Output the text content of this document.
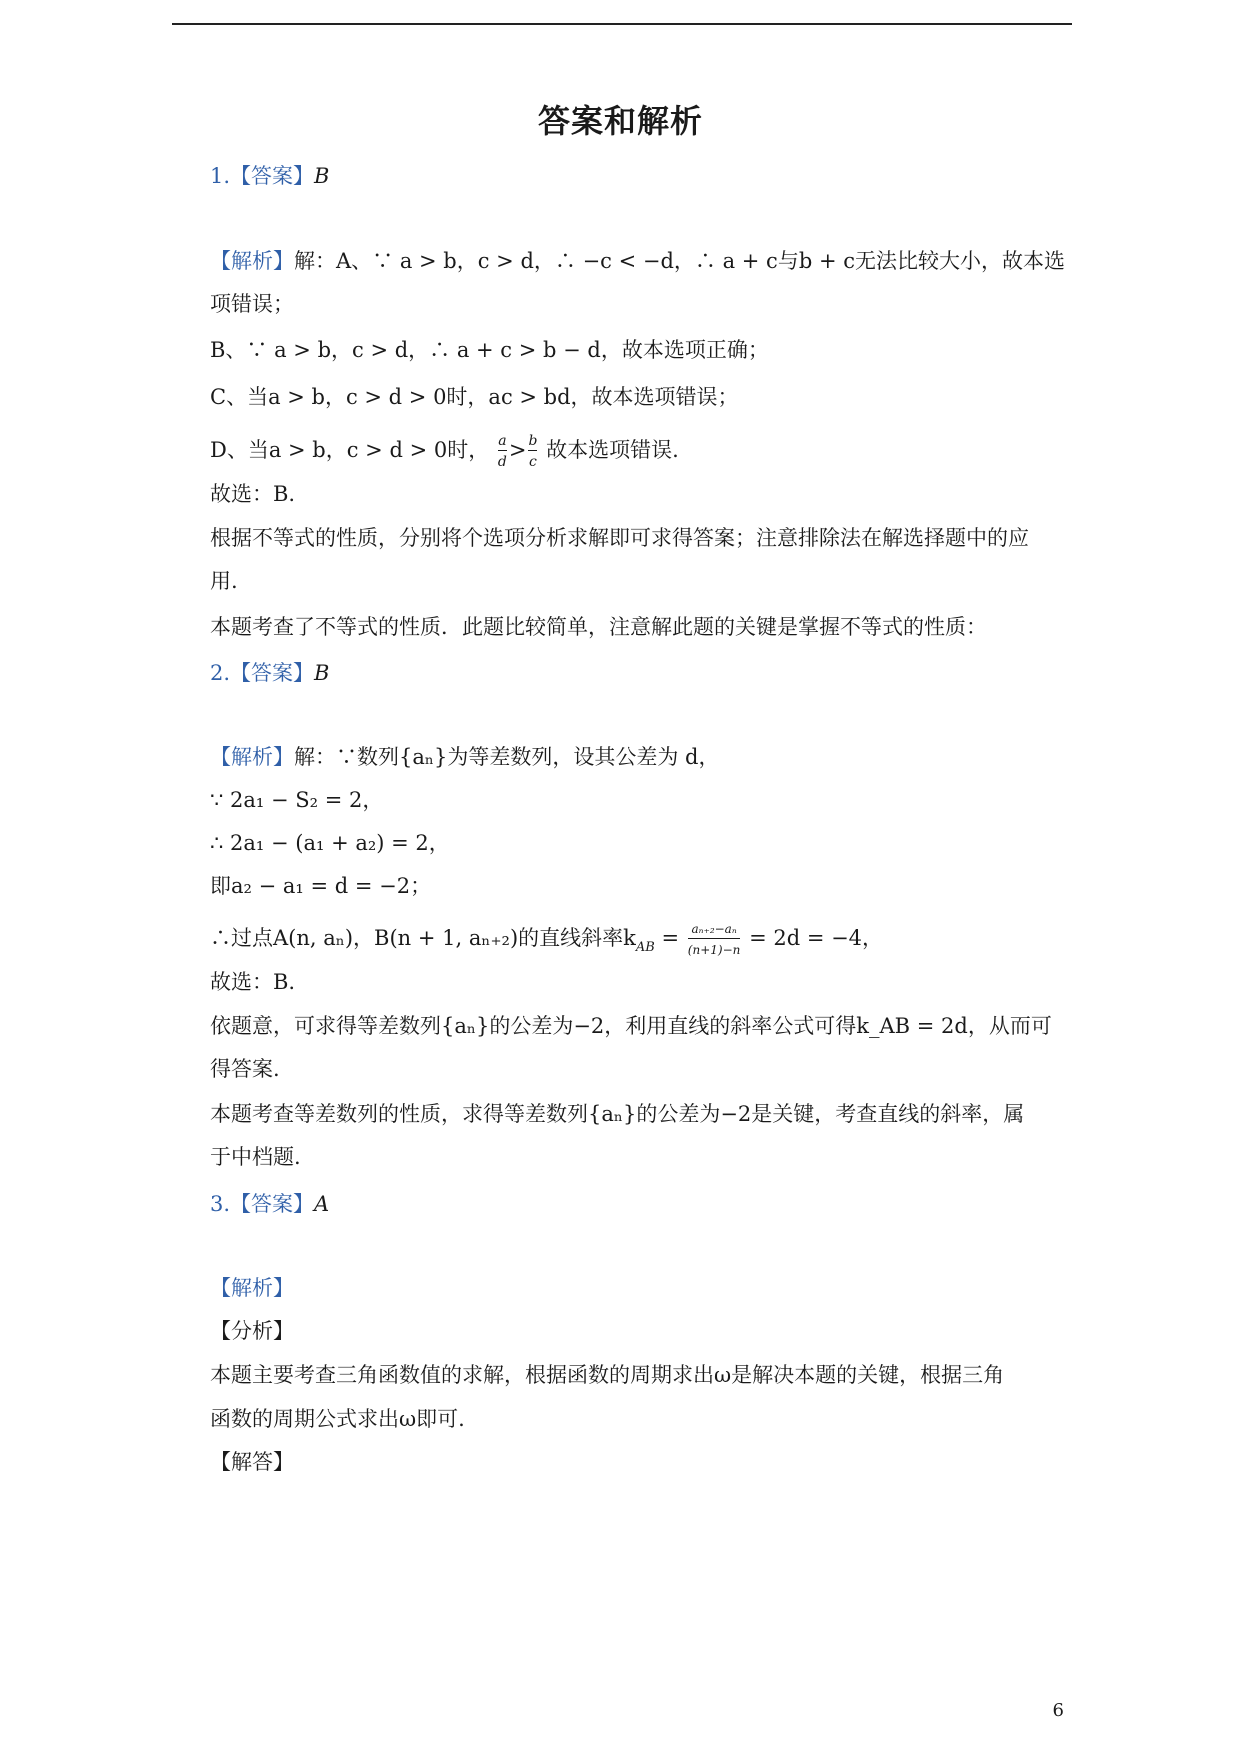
答案和解析
1.【答案】B
【解析】解：A、∵ a > b，c > d，∴ −c < −d，∴ a + c与b + c无法比较大小，故本选
项错误；
B、∵ a > b，c > d，∴ a + c > b − d，故本选项正确；
C、当a > b，c > d > 0时，ac > bd，故本选项错误；
D、当a > b，c > d > 0时， $\frac{a}{d} > \frac{b}{c}$ 故本选项错误.
故选：B.
根据不等式的性质，分别将个选项分析求解即可求得答案；注意排除法在解选择题中的应
用.
本题考查了不等式的性质．此题比较简单，注意解此题的关键是掌握不等式的性质：
2.【答案】B
【解析】解：∵数列{aₙ}为等差数列，设其公差为 d，
∵ 2a₁ − S₂ = 2，
∴ 2a₁ − (a₁ + a₂) = 2，
即a₂ − a₁ = d = −2；
∴过点A(n, aₙ)，B(n + 1, aₙ₊₂)的直线斜率$k_{AB} = \frac{\text{aₙ₊₂−aₙ}}{(n+1)-n} = 2d = -4$，
故选：B.
依题意，可求得等差数列{aₙ}的公差为−2，利用直线的斜率公式可得k_AB = 2d，从而可
得答案.
本题考查等差数列的性质，求得等差数列{aₙ}的公差为−2是关键，考查直线的斜率，属
于中档题.
3.【答案】A
【解析】
【分析】
本题主要考查三角函数值的求解，根据函数的周期求出ω是解决本题的关键，根据三角
函数的周期公式求出ω即可.
【解答】
6
